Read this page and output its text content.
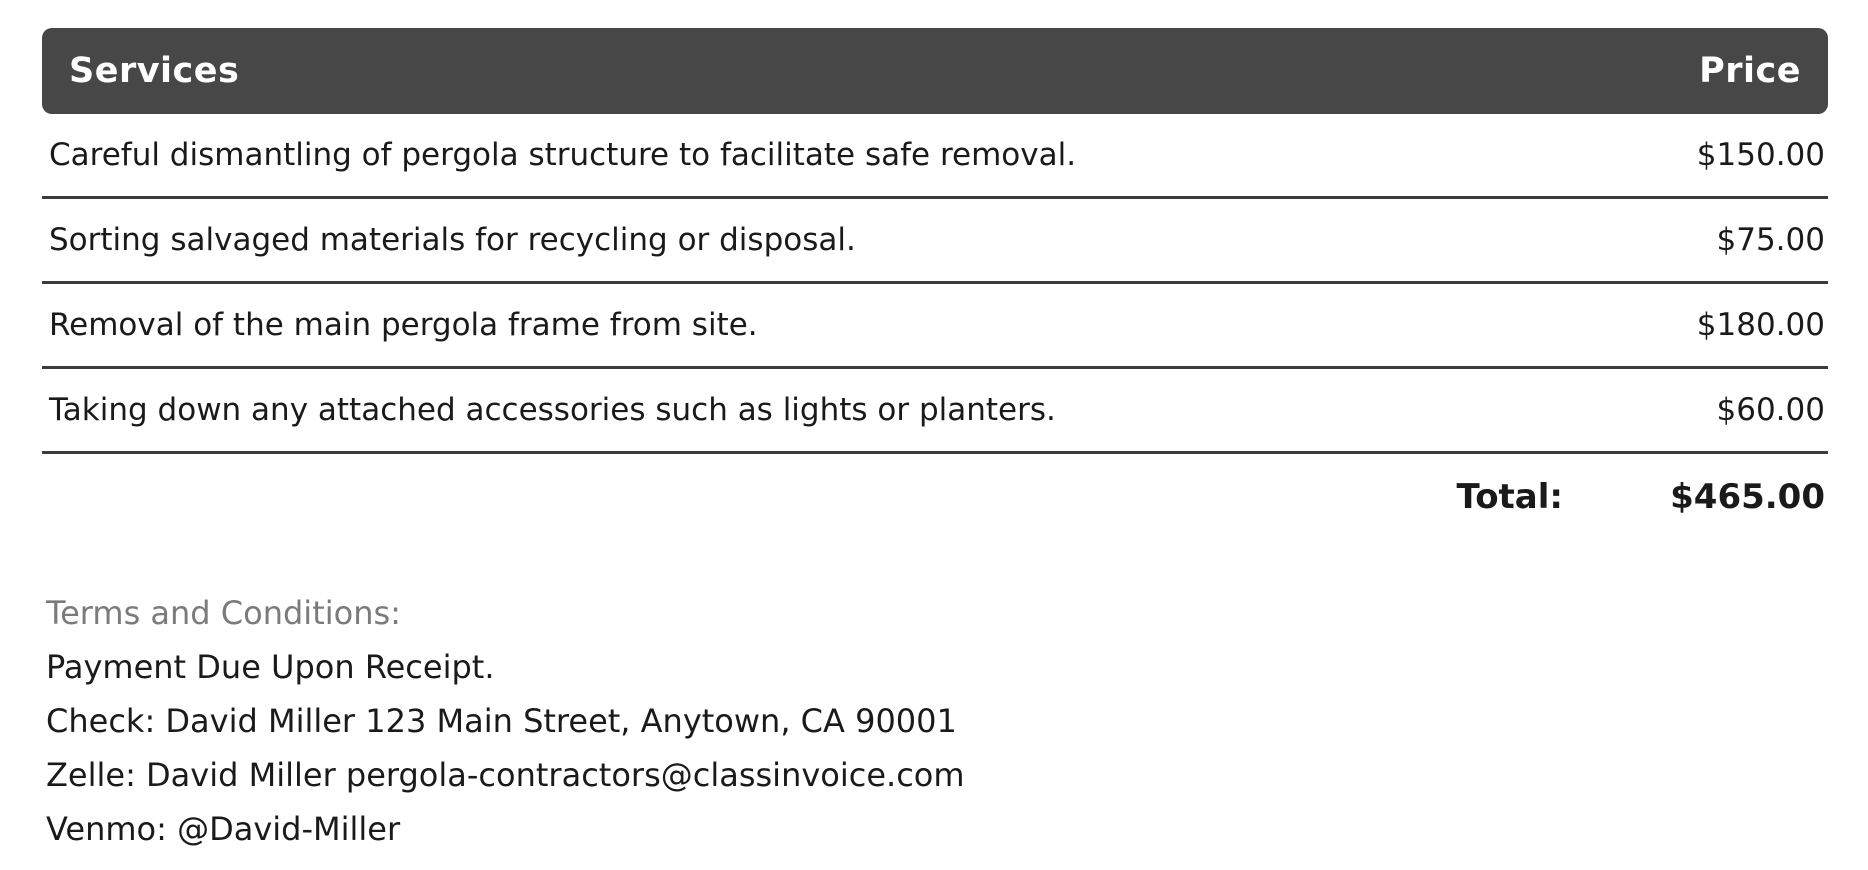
Services	Price
Careful dismantling of pergola structure to facilitate safe removal.	$150.00
Sorting salvaged materials for recycling or disposal.	$75.00
Removal of the main pergola frame from site.	$180.00
Taking down any attached accessories such as lights or planters.	$60.00
Total:	$465.00
Terms and Conditions:
Payment Due Upon Receipt.
Check: David Miller 123 Main Street, Anytown, CA 90001
Zelle: David Miller pergola-contractors@classinvoice.com
Venmo: @David-Miller
